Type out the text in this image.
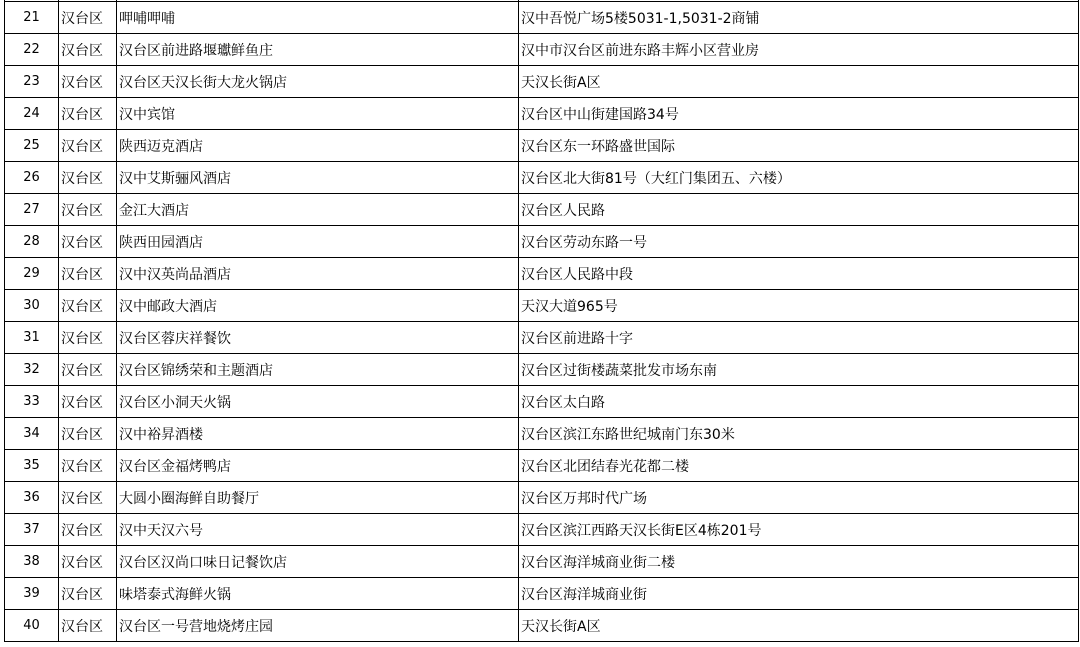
21	汉台区	呷哺呷哺	汉中吾悦广场5楼5031-1,5031-2商铺
22	汉台区	汉台区前进路堰瓛鲜鱼庄	汉中市汉台区前进东路丰辉小区营业房
23	汉台区	汉台区天汉长街大龙火锅店	天汉长街A区
24	汉台区	汉中宾馆	汉台区中山街建国路34号
25	汉台区	陕西迈克酒店	汉台区东一环路盛世国际
26	汉台区	汉中艾斯骊风酒店	汉台区北大街81号（大红门集团五、六楼）
27	汉台区	金江大酒店	汉台区人民路
28	汉台区	陕西田园酒店	汉台区劳动东路一号
29	汉台区	汉中汉英尚品酒店	汉台区人民路中段
30	汉台区	汉中邮政大酒店	天汉大道965号
31	汉台区	汉台区蓉庆祥餐饮	汉台区前进路十字
32	汉台区	汉台区锦绣荣和主题酒店	汉台区过街楼蔬菜批发市场东南
33	汉台区	汉台区小洞天火锅	汉台区太白路
34	汉台区	汉中裕昇酒楼	汉台区滨江东路世纪城南门东30米
35	汉台区	汉台区金福烤鸭店	汉台区北团结春光花都二楼
36	汉台区	大圆小圈海鲜自助餐厅	汉台区万邦时代广场
37	汉台区	汉中天汉六号	汉台区滨江西路天汉长街E区4栋201号
38	汉台区	汉台区汉尚口味日记餐饮店	汉台区海洋城商业街二楼
39	汉台区	味塔泰式海鲜火锅	汉台区海洋城商业街
40	汉台区	汉台区一号营地烧烤庄园	天汉长街A区
